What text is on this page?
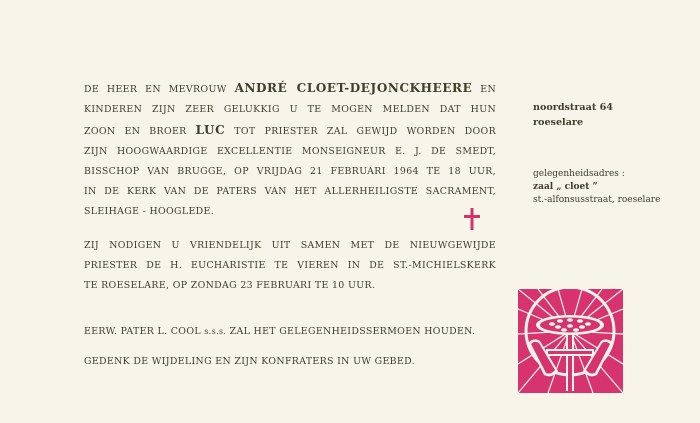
DE HEER EN MEVROUW ANDRÉ CLOET-DEJONCKHEERE EN
KINDEREN ZIJN ZEER GELUKKIG U TE MOGEN MELDEN DAT HUN
ZOON EN BROER LUC TOT PRIESTER ZAL GEWIJD WORDEN DOOR
ZIJN HOOGWAARDIGE EXCELLENTIE MONSEIGNEUR E. J. DE SMEDT,
BISSCHOP VAN BRUGGE, OP VRIJDAG 21 FEBRUARI 1964 TE 18 UUR,
IN DE KERK VAN DE PATERS VAN HET ALLERHEILIGSTE SACRAMENT,
SLEIHAGE - HOOGLEDE.
ZIJ NODIGEN U VRIENDELIJK UIT SAMEN MET DE NIEUWGEWIJDE
PRIESTER DE H. EUCHARISTIE TE VIEREN IN DE ST.-MICHIELSKERK
TE ROESELARE, OP ZONDAG 23 FEBRUARI TE 10 UUR.
EERW. PATER L. COOL s.s.s. ZAL HET GELEGENHEIDSSERMOEN HOUDEN.
GEDENK DE WIJDELING EN ZIJN KONFRATERS IN UW GEBED.
noordstraat 64
roeselare
gelegenheidsadres :
zaal „ cloet ”
st.-alfonsusstraat, roeselare
